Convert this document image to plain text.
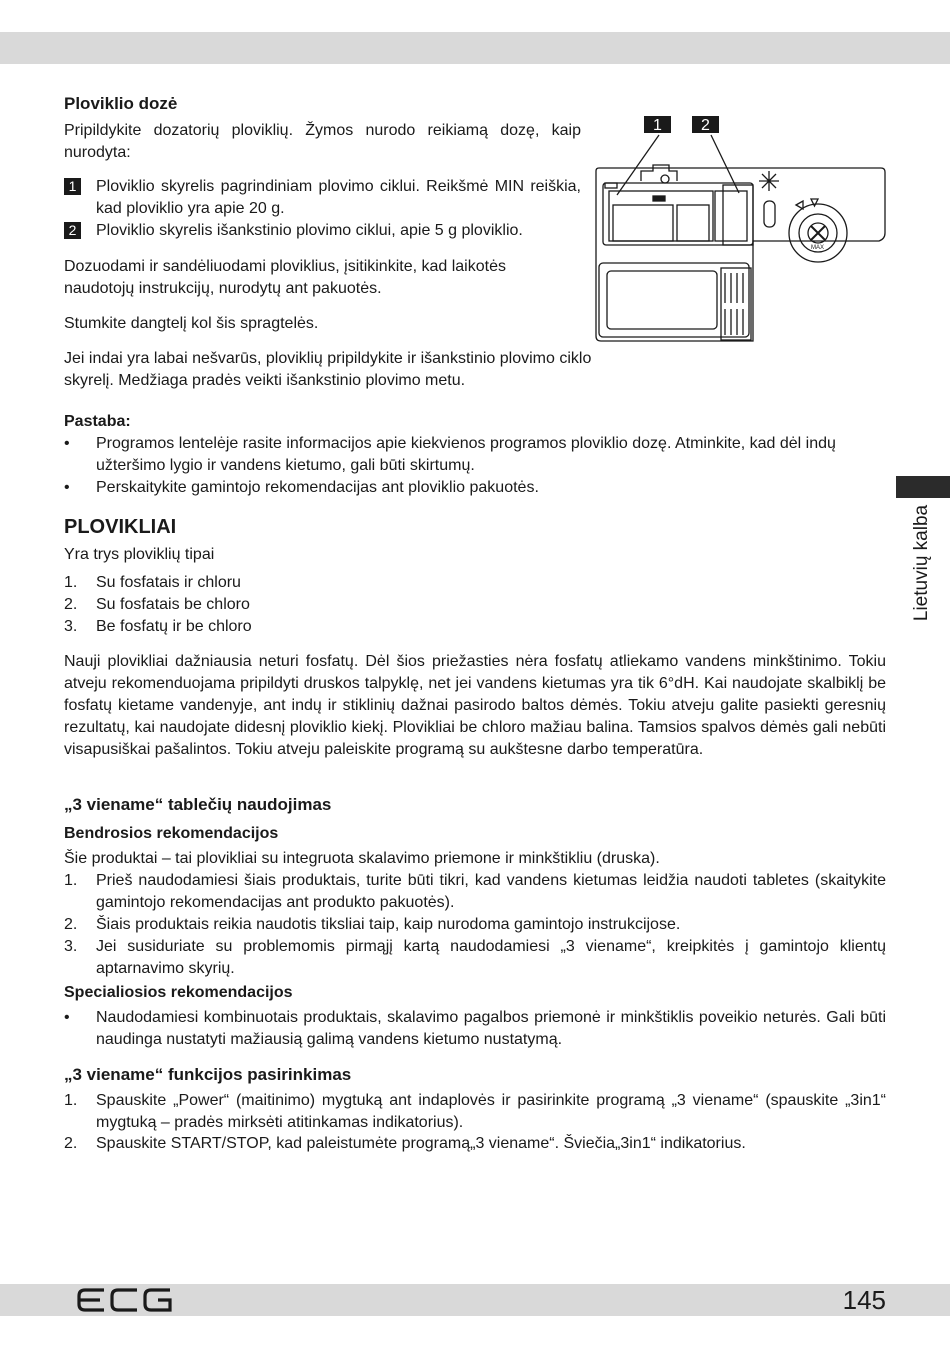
Ploviklio dozė

Pripildykite dozatorių ploviklių. Žymos nurodo reikiamą dozę, kaip nurodyta:

1 Ploviklio skyrelis pagrindiniam plovimo ciklui. Reikšmė MIN reiškia, kad ploviklio yra apie 20 g.

2 Ploviklio skyrelis išankstinio plovimo ciklui, apie 5 g ploviklio.

Dozuodami ir sandėliuodami ploviklius, įsitikinkite, kad laikotės naudotojų instrukcijų, nurodytų ant pakuotės.

Stumkite dangtelį kol šis spragtelės.

Jei indai yra labai nešvarūs, ploviklių pripildykite ir išankstinio plovimo ciklo skyrelį. Medžiaga pradės veikti išankstinio plovimo metu.

1 2
MAX
Pastaba:
• Programos lentelėje rasite informacijos apie kiekvienos programos ploviklio dozę. Atminkite, kad dėl indų užteršimo lygio ir vandens kietumo, gali būti skirtumų.

• Perskaitykite gamintojo rekomendacijas ant ploviklio pakuotės.

PLOVIKLIAI

Yra trys ploviklių tipai

1. Su fosfatais ir chloru

2. Su fosfatais be chloro

3. Be fosfatų ir be chloro

Nauji plovikliai dažniausia neturi fosfatų. Dėl šios priežasties nėra fosfatų atliekamo vandens minkštinimo. Tokiu atveju rekomenduojama pripildyti druskos talpyklę, net jei vandens kietumas yra tik 6°dH. Kai naudojate skalbiklį be fosfatų kietame vandenyje, ant indų ir stiklinių dažnai pasirodo baltos dėmės. Tokiu atveju galite pasiekti geresnių rezultatų, kai naudojate didesnį ploviklio kiekį. Plovikliai be chloro mažiau balina. Tamsios spalvos dėmės gali nebūti visapusiškai pašalintos. Tokiu atveju paleiskite programą su aukštesne darbo temperatūra.

„3 viename“ tablečių naudojimas
Bendrosios rekomendacijos

Šie produktai – tai plovikliai su integruota skalavimo priemone ir minkštikliu (druska).

1. Prieš naudodamiesi šiais produktais, turite būti tikri, kad vandens kietumas leidžia naudoti tabletes (skaitykite gamintojo rekomendacijas ant produkto pakuotės).

2. Šiais produktais reikia naudotis tiksliai taip, kaip nurodoma gamintojo instrukcijose.

3. Jei susiduriate su problemomis pirmąjį kartą naudodamiesi „3 viename“, kreipkitės į gamintojo klientų aptarnavimo skyrių.

Specialiosios rekomendacijos
• Naudodamiesi kombinuotais produktais, skalavimo pagalbos priemonė ir minkštiklis poveikio neturės. Gali būti naudinga nustatyti mažiausią galimą vandens kietumo nustatymą.

„3 viename“ funkcijos pasirinkimas
1. Spauskite „Power“ (maitinimo) mygtuką ant indaplovės ir pasirinkite programą „3 viename“ (spauskite „3in1“ mygtuką – pradės mirksėti atitinkamas indikatorius).

2. Spauskite START/STOP, kad paleistumėte programą„3 viename“. Šviečia„3in1“ indikatorius.

Lietuvių kalba
145
